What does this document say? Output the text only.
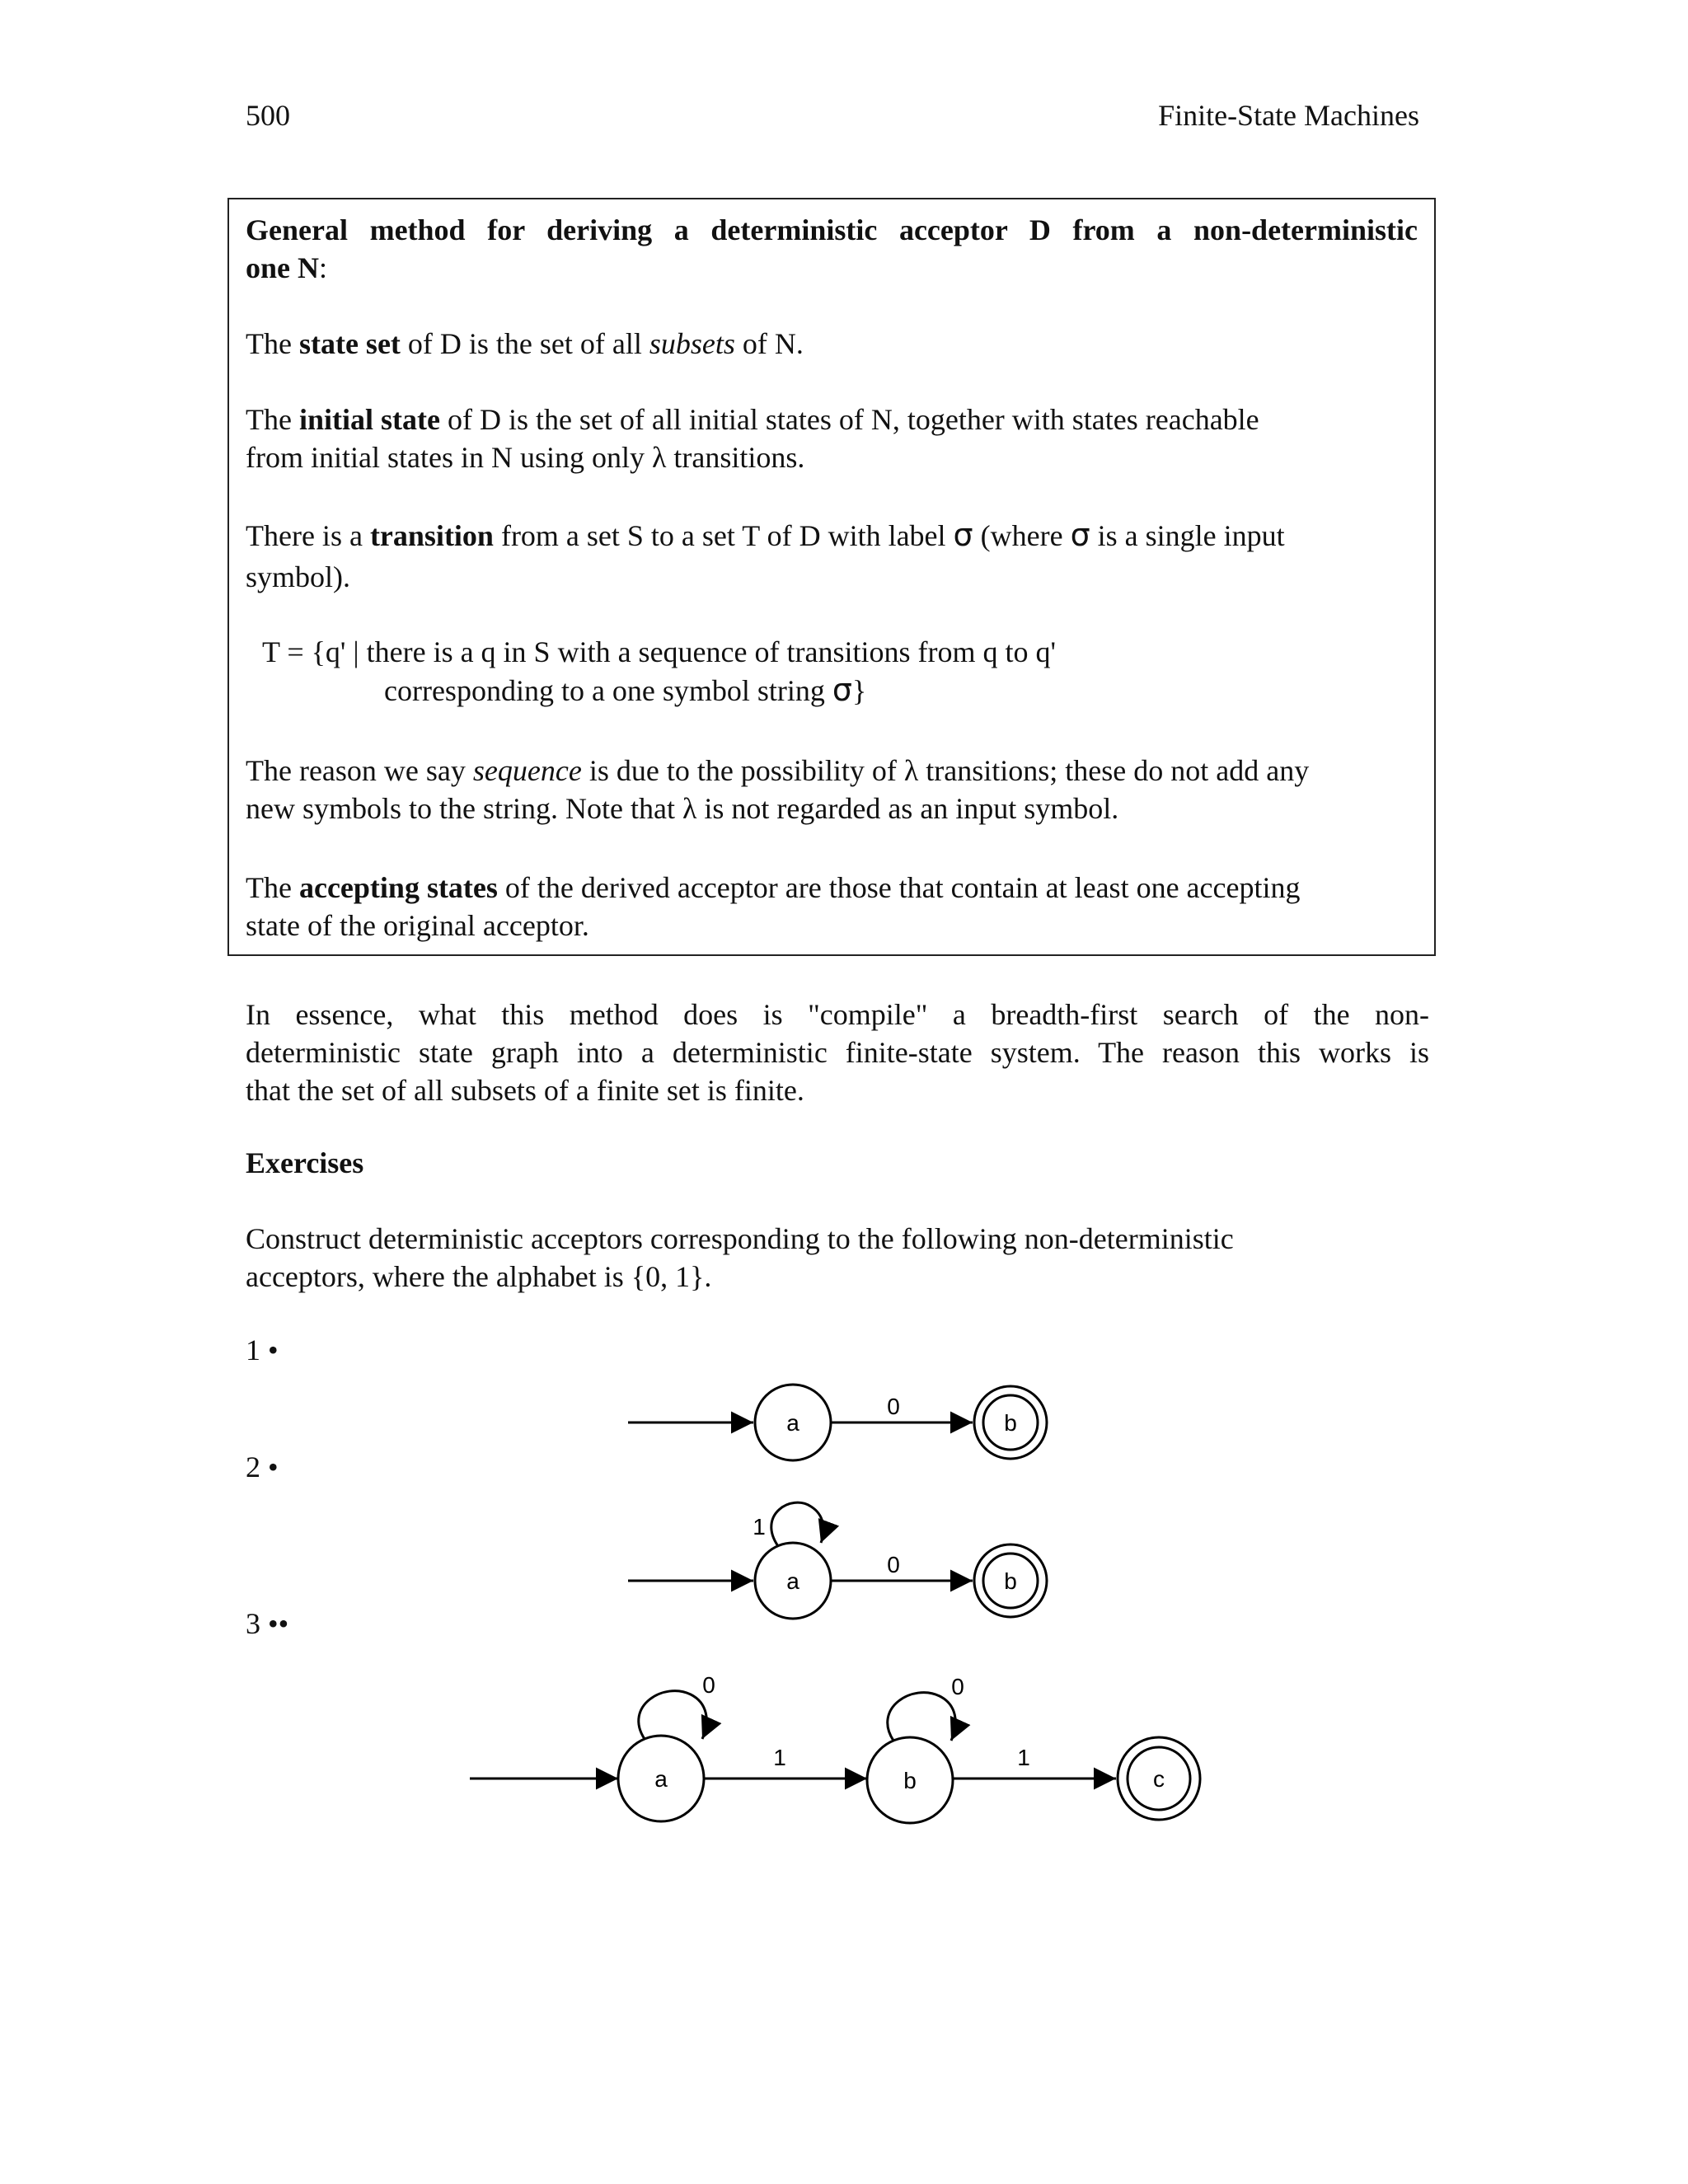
500	Finite-State Machines
General method for deriving a deterministic acceptor D from a non-deterministic
one N:
The state set of D is the set of all subsets of N.
The initial state of D is the set of all initial states of N, together with states reachable
from initial states in N using only λ transitions.
There is a transition from a set S to a set T of D with label σ (where σ is a single input
symbol).
T = {q' | there is a q in S with a sequence of transitions from q to q'
corresponding to a one symbol string σ}
The reason we say sequence is due to the possibility of λ transitions; these do not add any
new symbols to the string. Note that λ is not regarded as an input symbol.
The accepting states of the derived acceptor are those that contain at least one accepting
state of the original acceptor.
In essence, what this method does is "compile" a breadth-first search of the non-
deterministic state graph into a deterministic finite-state system. The reason this works is
that the set of all subsets of a finite set is finite.
Exercises
Construct deterministic acceptors corresponding to the following non-deterministic
acceptors, where the alphabet is {0, 1}.
1 •
2 •
3 ••
a
0
b
1
a
0
b
0
a
1
0
b
1
c
